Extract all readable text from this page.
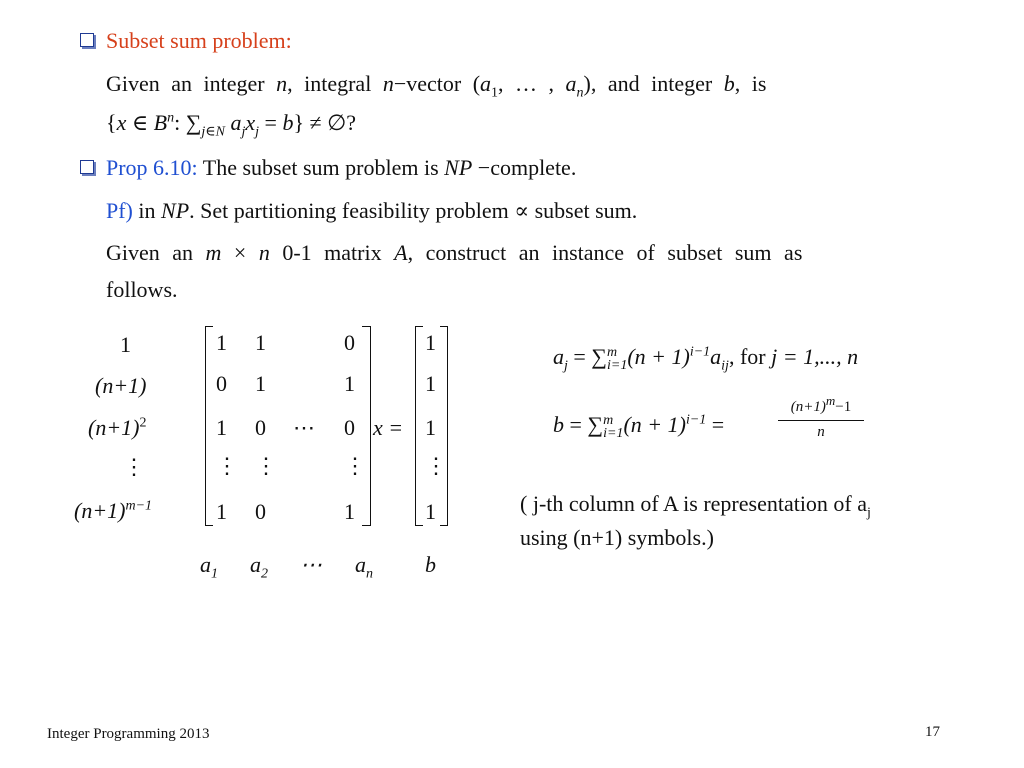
Subset sum problem:
Given an integer n, integral n−vector ($a_1$, … , $a_n$), and integer b, is
{x ∈ $B^n$: $\sum_{j\in N}$ $a_jx_j = b$} ≠ ∅?
Prop 6.10: The subset sum problem is NP −complete.
Pf) in NP. Set partitioning feasibility problem ∝ subset sum.
Given an m × n 0-1 matrix A, construct an instance of subset sum as
follows.
1
(n+1)
$(n+1)^2$
⋮
$(n+1)^{m-1}$
1 1	0
0 1	1
1 0 ⋯ 0
⋮ ⋮	⋮
1 0	1
x =
1
1
1
⋮
1
$a_1$ $a_2$ ⋯ $a_n$ b
$a_j$ = ∑ m
i=1 $(n + 1)^{i-1}a_{ij}$, for j = 1,..., n
b = ∑ m
i=1 $(n + 1)^{i-1}$ =
$(n+1)^m-1$
n
( j-th column of A is representation of $a_j$
using (n+1) symbols.)
Integer Programming 2013	17
